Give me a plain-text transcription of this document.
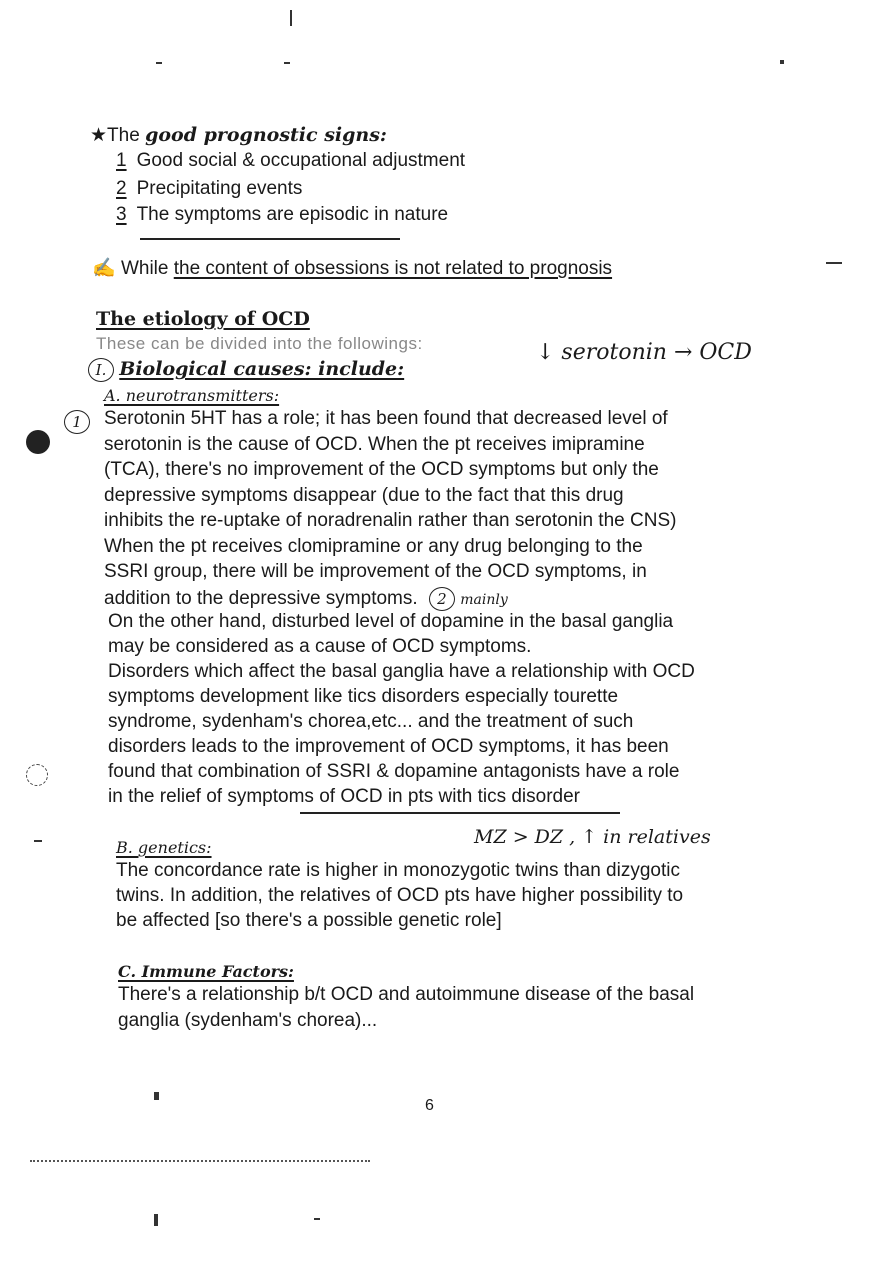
★The good prognostic signs:
1 Good social & occupational adjustment
2 Precipitating events
3 The symptoms are episodic in nature
✍ While the content of obsessions is not related to prognosis
The etiology of OCD
These can be divided into the followings:	↓ serotonin → OCD
I. Biological causes: include:
A. neurotransmitters:
1	Serotonin 5HT has a role; it has been found that decreased level of
serotonin is the cause of OCD. When the pt receives imipramine
(TCA), there's no improvement of the OCD symptoms but only the
depressive symptoms disappear (due to the fact that this drug
inhibits the re-uptake of noradrenalin rather than serotonin the CNS)
When the pt receives clomipramine or any drug belonging to the
SSRI group, there will be improvement of the OCD symptoms, in
addition to the depressive symptoms. 2 mainly
On the other hand, disturbed level of dopamine in the basal ganglia
may be considered as a cause of OCD symptoms.
Disorders which affect the basal ganglia have a relationship with OCD
symptoms development like tics disorders especially tourette
syndrome, sydenham's chorea,etc... and the treatment of such
disorders leads to the improvement of OCD symptoms, it has been
found that combination of SSRI & dopamine antagonists have a role
in the relief of symptoms of OCD in pts with tics disorder
B. genetics:	MZ > DZ , ↑ in relatives
The concordance rate is higher in monozygotic twins than dizygotic
twins. In addition, the relatives of OCD pts have higher possibility to
be affected [so there's a possible genetic role]
C. Immune Factors:
There's a relationship b/t OCD and autoimmune disease of the basal
ganglia (sydenham's chorea)...
6
